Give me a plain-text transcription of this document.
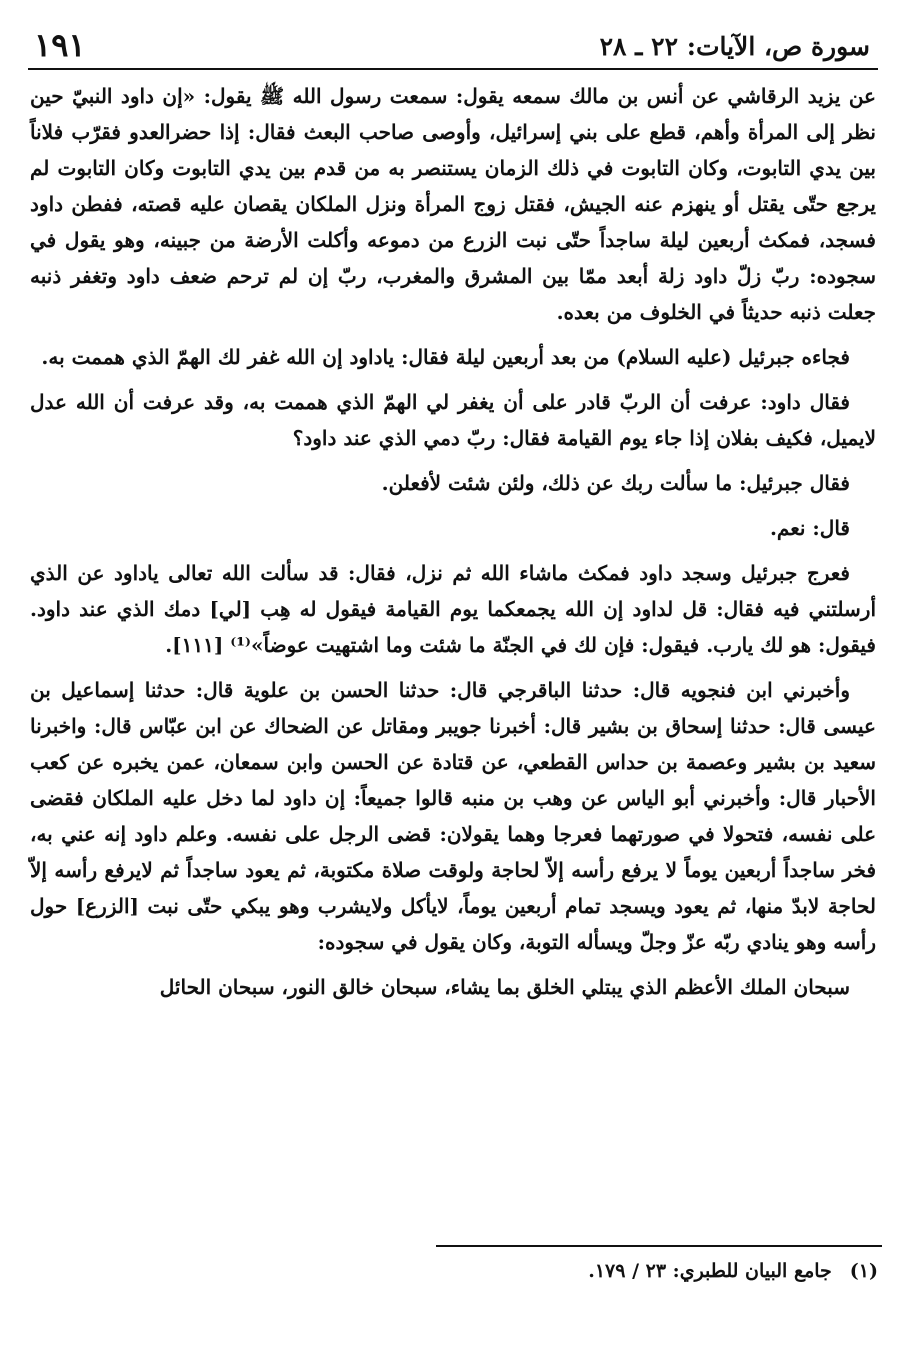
سورة ص، الآيات: ٢٢ ـ ٢٨
١٩١

عن يزيد الرقاشي عن أنس بن مالك سمعه يقول: سمعت رسول الله ﷺ يقول: «إن داود النبيّ حين نظر إلى المرأة وأهم، قطع على بني إسرائيل، وأوصى صاحب البعث فقال: إذا حضرالعدو فقرّب فلاناً بين يدي التابوت، وكان التابوت في ذلك الزمان يستنصر به من قدم بين يدي التابوت وكان التابوت لم يرجع حتّى يقتل أو ينهزم عنه الجيش، فقتل زوج المرأة ونزل الملكان يقصان عليه قصته، ففطن داود فسجد، فمكث أربعين ليلة ساجداً حتّى نبت الزرع من دموعه وأكلت الأرضة من جبينه، وهو يقول في سجوده: ربّ زلّ داود زلة أبعد ممّا بين المشرق والمغرب، ربّ إن لم ترحم ضعف داود وتغفر ذنبه جعلت ذنبه حديثاً في الخلوف من بعده.

فجاءه جبرئيل (عليه السلام) من بعد أربعين ليلة فقال: ياداود إن الله غفر لك الهمّ الذي هممت به.

فقال داود: عرفت أن الربّ قادر على أن يغفر لي الهمّ الذي هممت به، وقد عرفت أن الله عدل لايميل، فكيف بفلان إذا جاء يوم القيامة فقال: ربّ دمي الذي عند داود؟

فقال جبرئيل: ما سألت ربك عن ذلك، ولئن شئت لأفعلن.

قال: نعم.

فعرج جبرئيل وسجد داود فمكث ماشاء الله ثم نزل، فقال: قد سألت الله تعالى ياداود عن الذي أرسلتني فيه فقال: قل لداود إن الله يجمعكما يوم القيامة فيقول له هِب [لي] دمك الذي عند داود. فيقول: هو لك يارب. فيقول: فإن لك في الجنّة ما شئت وما اشتهيت عوضاً»⁽¹⁾ [١١١].

وأخبرني ابن فنجويه قال: حدثنا الباقرجي قال: حدثنا الحسن بن علوية قال: حدثنا إسماعيل بن عيسى قال: حدثنا إسحاق بن بشير قال: أخبرنا جويبر ومقاتل عن الضحاك عن ابن عبّاس قال: واخبرنا سعيد بن بشير وعصمة بن حداس القطعي، عن قتادة عن الحسن وابن سمعان، عمن يخبره عن كعب الأحبار قال: وأخبرني أبو الياس عن وهب بن منبه قالوا جميعاً: إن داود لما دخل عليه الملكان فقضى على نفسه، فتحولا في صورتهما فعرجا وهما يقولان: قضى الرجل على نفسه. وعلم داود إنه عني به، فخر ساجداً أربعين يوماً لا يرفع رأسه إلاّ لحاجة ولوقت صلاة مكتوبة، ثم يعود ساجداً ثم لايرفع رأسه إلاّ لحاجة لابدّ منها، ثم يعود ويسجد تمام أربعين يوماً، لايأكل ولايشرب وهو يبكي حتّى نبت [الزرع] حول رأسه وهو ينادي ربّه عزّ وجلّ ويسأله التوبة، وكان يقول في سجوده:

سبحان الملك الأعظم الذي يبتلي الخلق بما يشاء، سبحان خالق النور، سبحان الحائل

(١)جامع البيان للطبري: ٢٣ / ١٧٩.
